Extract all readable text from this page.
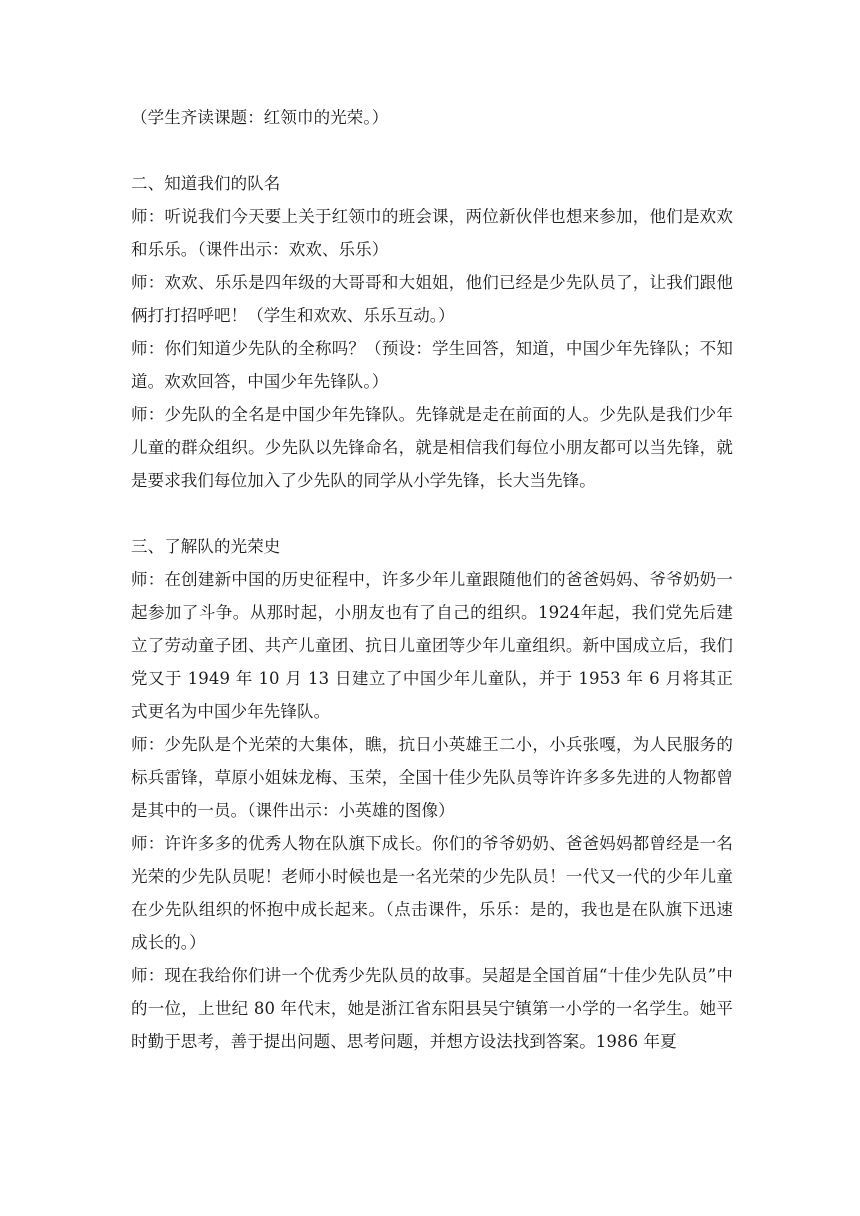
（学生齐读课题：红领巾的光荣。）

二、知道我们的队名

师：听说我们今天要上关于红领巾的班会课，两位新伙伴也想来参加，他们是欢欢和乐乐。（课件出示：欢欢、乐乐）

师：欢欢、乐乐是四年级的大哥哥和大姐姐，他们已经是少先队员了，让我们跟他俩打打招呼吧！（学生和欢欢、乐乐互动。）

师：你们知道少先队的全称吗？（预设：学生回答，知道，中国少年先锋队；不知道。欢欢回答，中国少年先锋队。）

师：少先队的全名是中国少年先锋队。先锋就是走在前面的人。少先队是我们少年儿童的群众组织。少先队以先锋命名，就是相信我们每位小朋友都可以当先锋，就是要求我们每位加入了少先队的同学从小学先锋，长大当先锋。

三、了解队的光荣史

师：在创建新中国的历史征程中，许多少年儿童跟随他们的爸爸妈妈、爷爷奶奶一起参加了斗争。从那时起，小朋友也有了自己的组织。1924年起，我们党先后建立了劳动童子团、共产儿童团、抗日儿童团等少年儿童组织。新中国成立后，我们党又于 1949 年 10 月 13 日建立了中国少年儿童队，并于 1953 年 6 月将其正式更名为中国少年先锋队。

师：少先队是个光荣的大集体，瞧，抗日小英雄王二小，小兵张嘎，为人民服务的标兵雷锋，草原小姐妹龙梅、玉荣，全国十佳少先队员等许许多多先进的人物都曾是其中的一员。（课件出示：小英雄的图像）

师：许许多多的优秀人物在队旗下成长。你们的爷爷奶奶、爸爸妈妈都曾经是一名光荣的少先队员呢！老师小时候也是一名光荣的少先队员！一代又一代的少年儿童在少先队组织的怀抱中成长起来。（点击课件，乐乐：是的，我也是在队旗下迅速成长的。）

师：现在我给你们讲一个优秀少先队员的故事。吴超是全国首届“十佳少先队员”中的一位，上世纪 80 年代末，她是浙江省东阳县吴宁镇第一小学的一名学生。她平时勤于思考，善于提出问题、思考问题，并想方设法找到答案。1986 年夏
